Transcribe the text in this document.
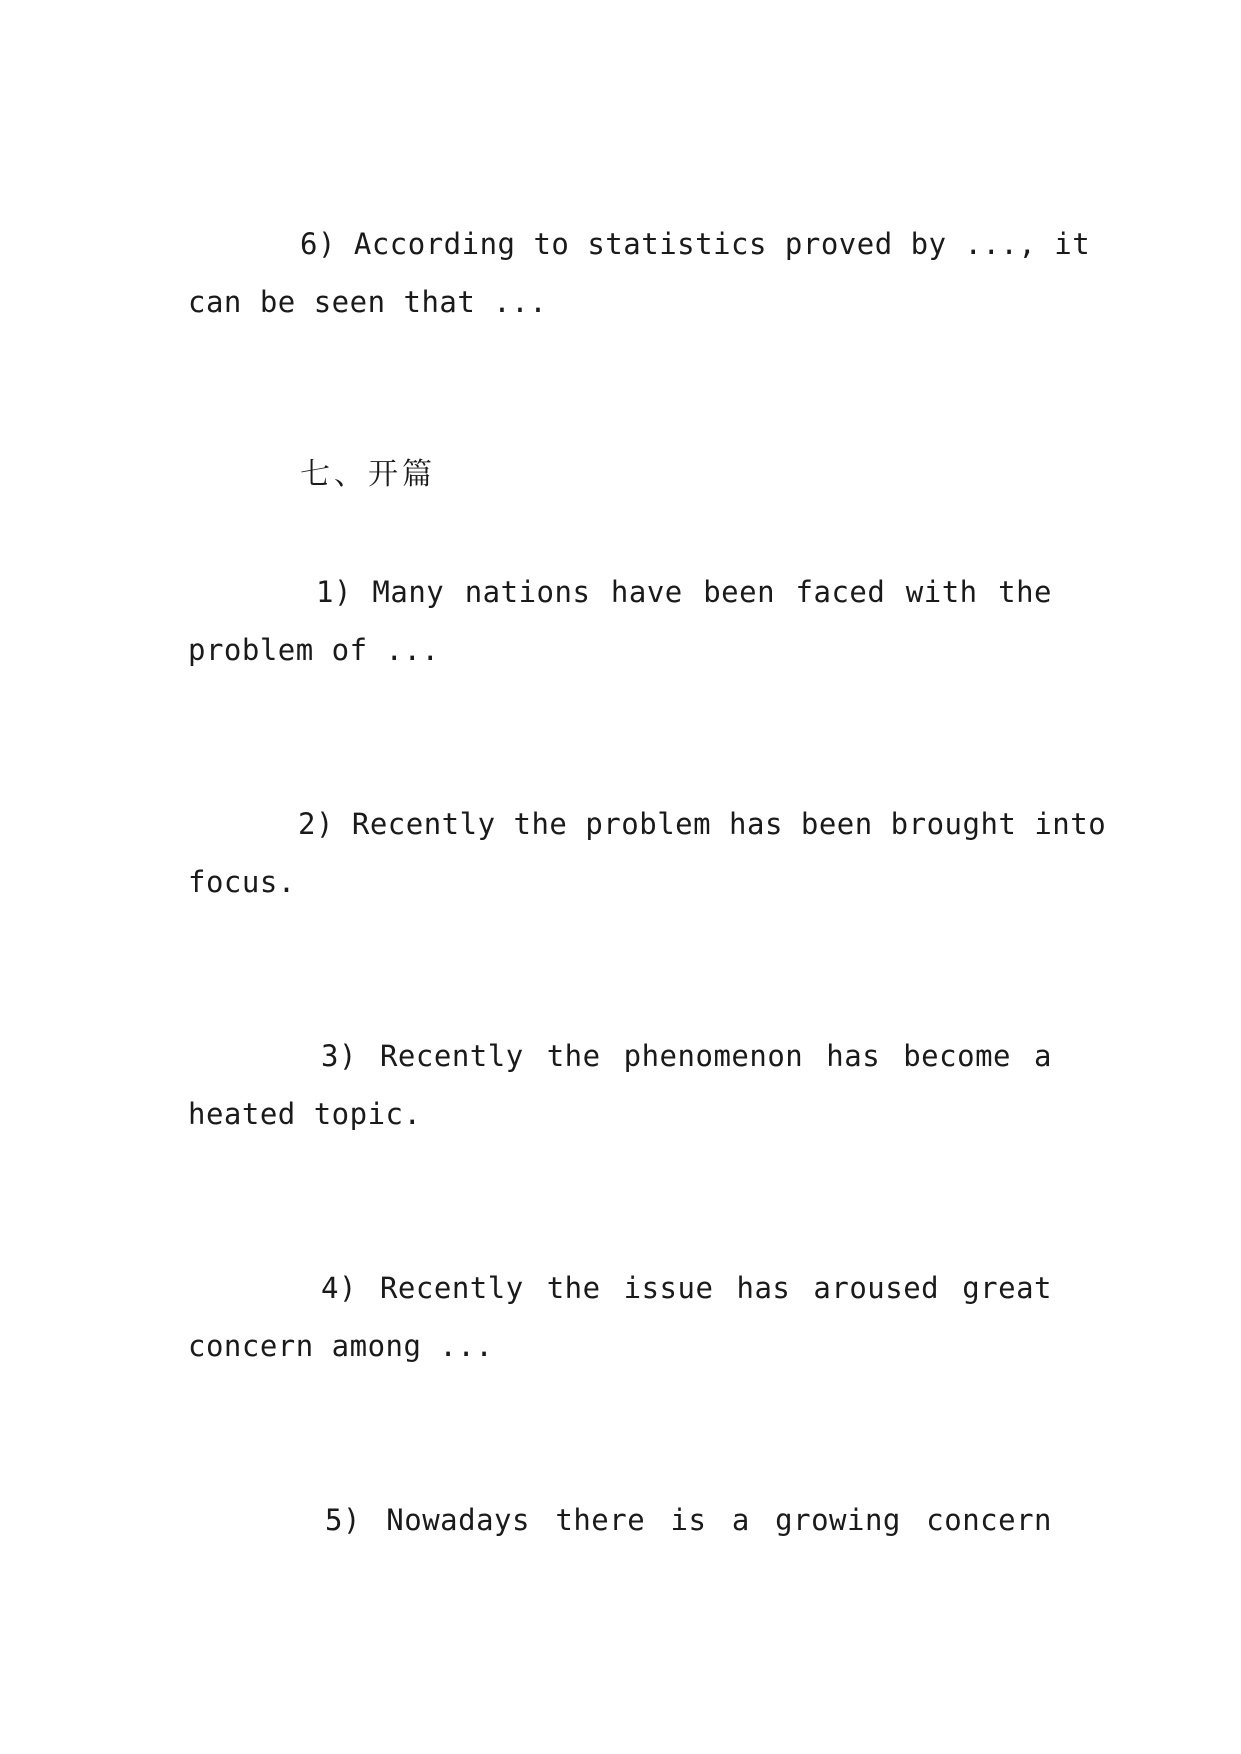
6) According to statistics proved by ..., it
can be seen that ...
七、开篇
1) Many nations have been faced with the
problem of ...
2) Recently the problem has been brought into
focus.
3) Recently the phenomenon has become a
heated topic.
4) Recently the issue has aroused great
concern among ...
5) Nowadays there is a growing concern
